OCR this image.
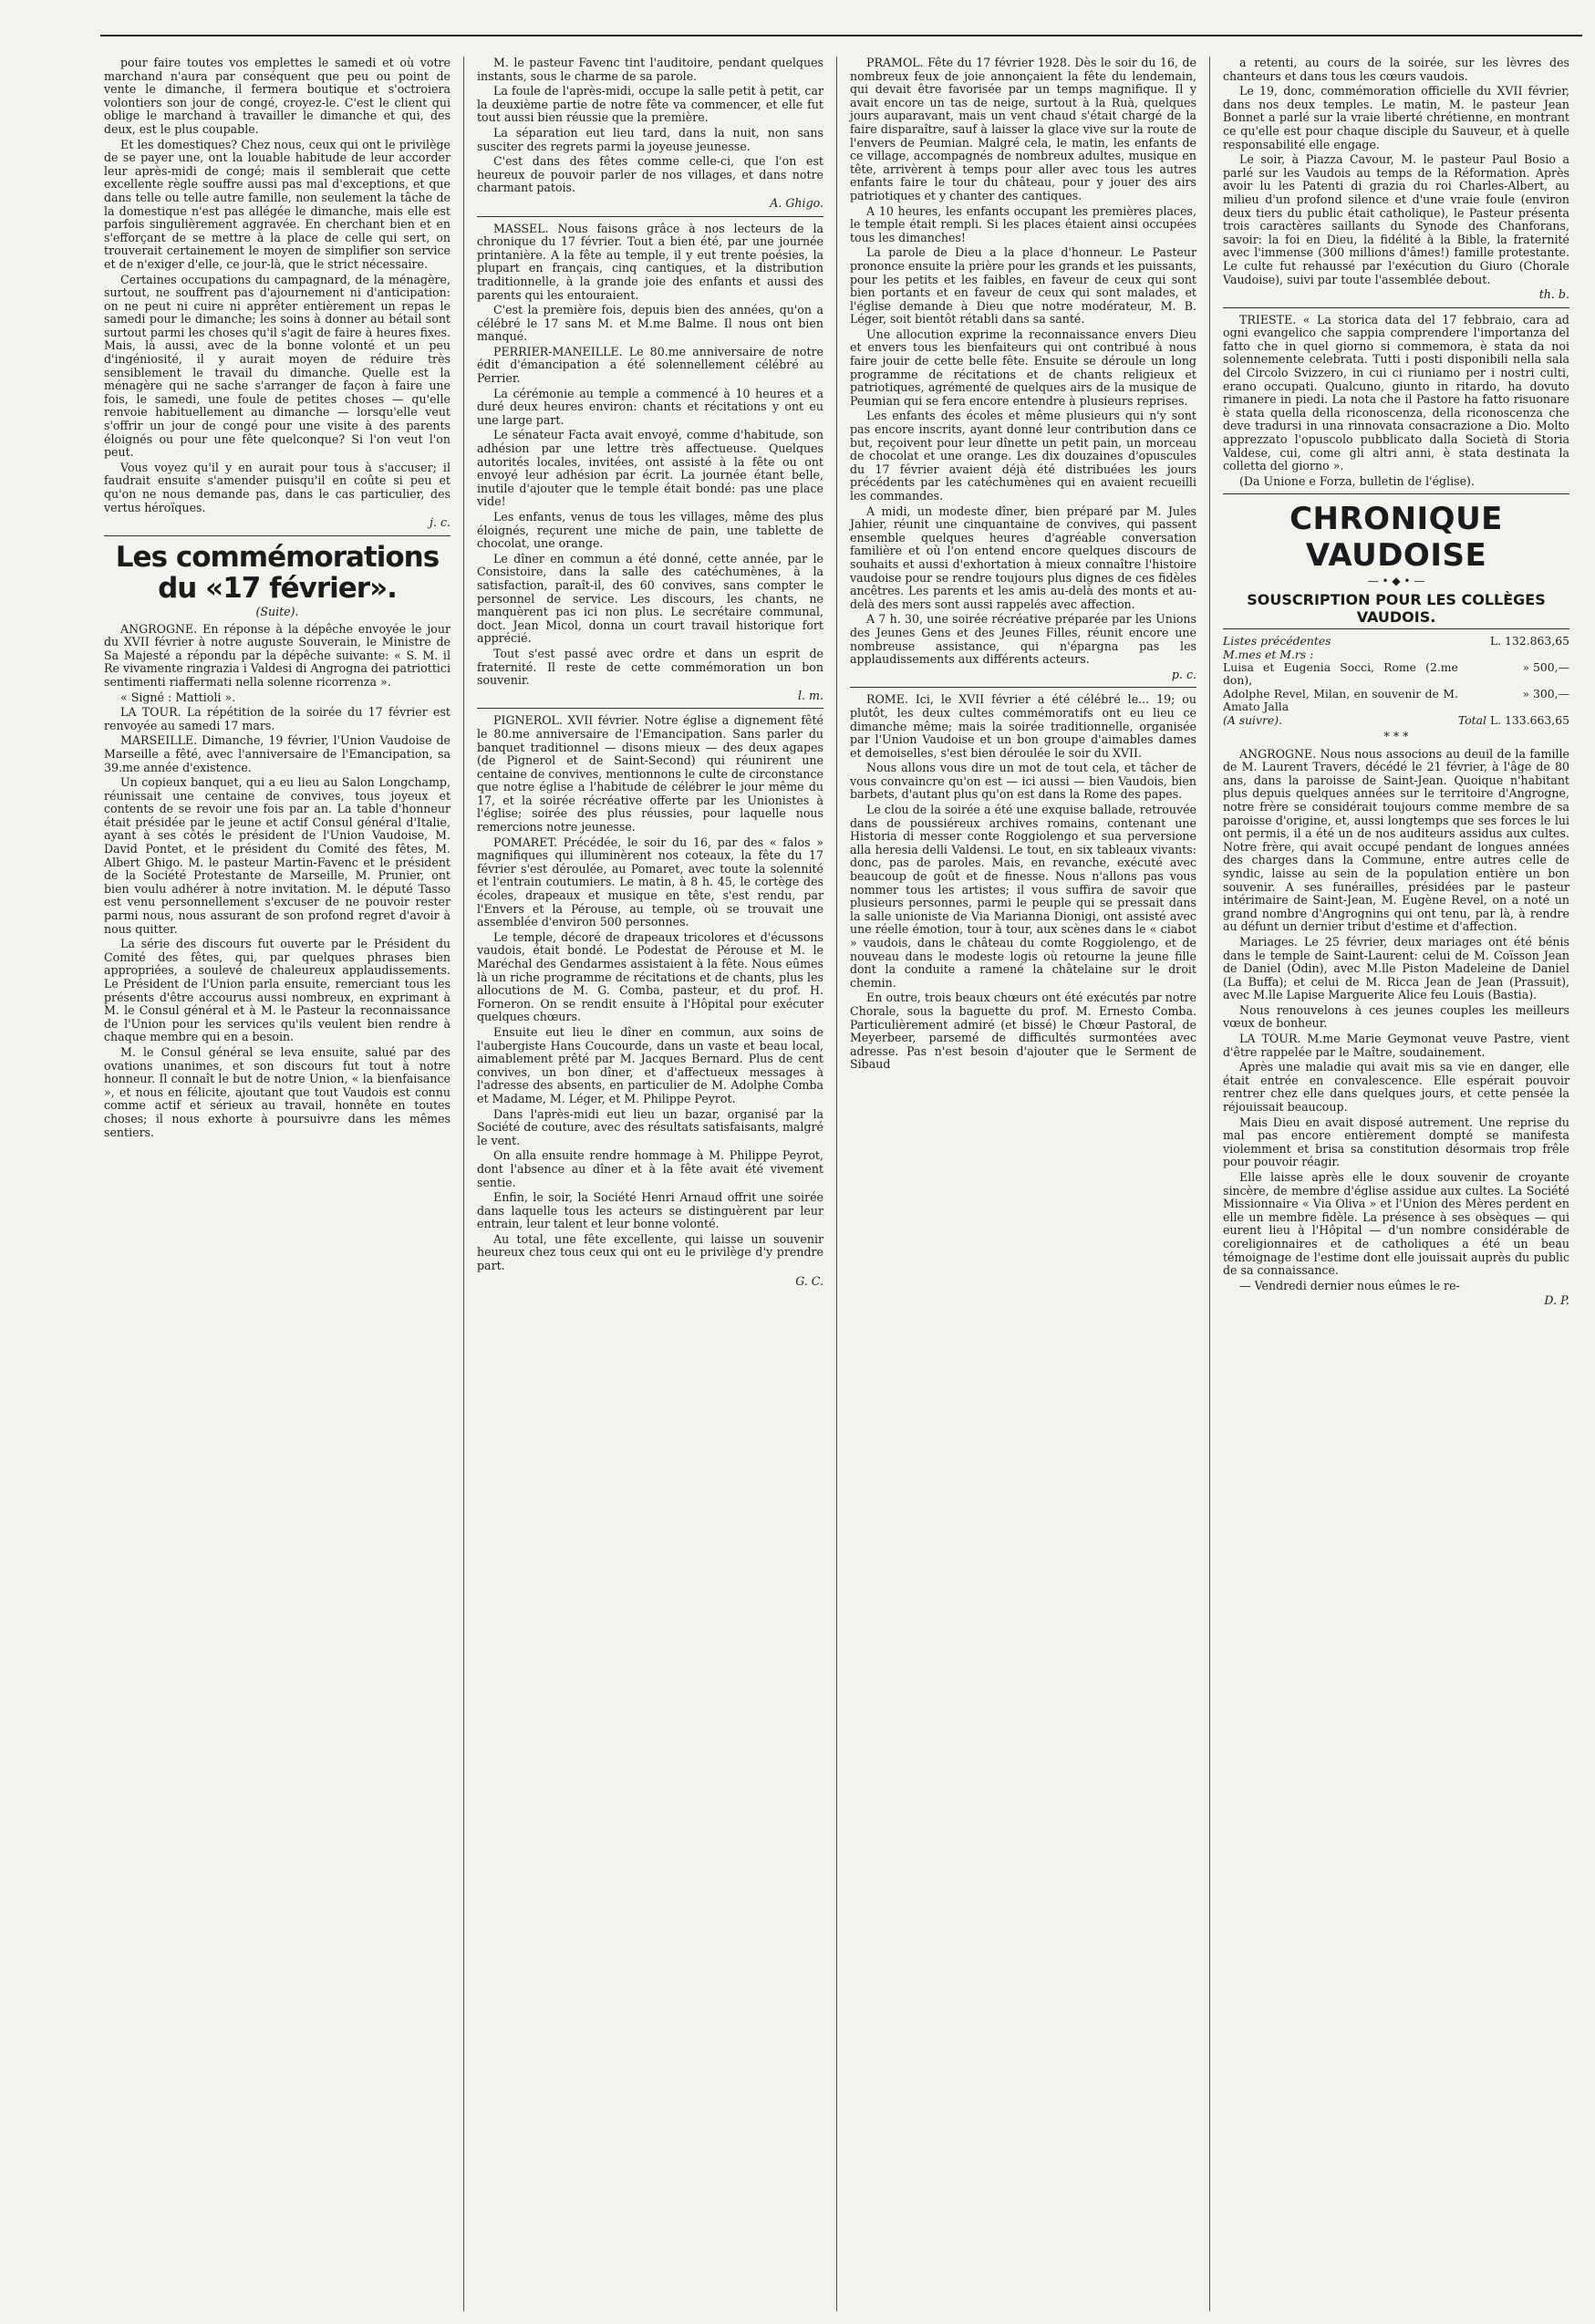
pour faire toutes vos emplettes le samedi et où votre marchand n'aura par conséquent que peu ou point de vente le dimanche, il fermera boutique et s'octroiera volontiers son jour de congé, croyez-le. C'est le client qui oblige le marchand à travailler le dimanche et qui, des deux, est le plus coupable.

Et les domestiques? Chez nous, ceux qui ont le privilège de se payer une, ont la louable habitude de leur accorder leur après-midi de congé; mais il semblerait que cette excellente règle souffre aussi pas mal d'exceptions, et que dans telle ou telle autre famille, non seulement la tâche de la domestique n'est pas allégée le dimanche, mais elle est parfois singulièrement aggravée. En cherchant bien et en s'efforçant de se mettre à la place de celle qui sert, on trouverait certainement le moyen de simplifier son service et de n'exiger d'elle, ce jour-là, que le strict nécessaire.

Certaines occupations du campagnard, de la ménagère, surtout, ne souffrent pas d'ajournement ni d'anticipation: on ne peut ni cuire ni apprêter entièrement un repas le samedi pour le dimanche; les soins à donner au bétail sont surtout parmi les choses qu'il s'agit de faire à heures fixes. Mais, là aussi, avec de la bonne volonté et un peu d'ingéniosité, il y aurait moyen de réduire très sensiblement le travail du dimanche. Quelle est la ménagère qui ne sache s'arranger de façon à faire une fois, le samedi, une foule de petites choses — qu'elle renvoie habituellement au dimanche — lorsqu'elle veut s'offrir un jour de congé pour une visite à des parents éloignés ou pour une fête quelconque? Si l'on veut l'on peut.

Vous voyez qu'il y en aurait pour tous à s'accuser; il faudrait ensuite s'amender puisqu'il en coûte si peu et qu'on ne nous demande pas, dans le cas particulier, des vertus héroïques.

j. c.
Les commémorations du «17 février».
(Suite).

ANGROGNE. En réponse à la dépêche envoyée le jour du XVII février à notre auguste Souverain, le Ministre de Sa Majesté a répondu par la dépêche suivante: « S. M. il Re vivamente ringrazia i Valdesi di Angrogna dei patriottici sentimenti riaffermati nella solenne ricorrenza ».

« Signé : Mattioli ».

LA TOUR. La répétition de la soirée du 17 février est renvoyée au samedi 17 mars.

MARSEILLE. Dimanche, 19 février, l'Union Vaudoise de Marseille a fêté, avec l'anniversaire de l'Emancipation, sa 39.me année d'existence.

Un copieux banquet, qui a eu lieu au Salon Longchamp, réunissait une centaine de convives, tous joyeux et contents de se revoir une fois par an. La table d'honneur était présidée par le jeune et actif Consul général d'Italie, ayant à ses côtés le président de l'Union Vaudoise, M. David Pontet, et le président du Comité des fêtes, M. Albert Ghigo. M. le pasteur Martin-Favenc et le président de la Société Protestante de Marseille, M. Prunier, ont bien voulu adhérer à notre invitation. M. le député Tasso est venu personnellement s'excuser de ne pouvoir rester parmi nous, nous assurant de son profond regret d'avoir à nous quitter.

La série des discours fut ouverte par le Président du Comité des fêtes, qui, par quelques phrases bien appropriées, a soulevé de chaleureux applaudissements. Le Président de l'Union parla ensuite, remerciant tous les présents d'être accourus aussi nombreux, en exprimant à M. le Consul général et à M. le Pasteur la reconnaissance de l'Union pour les services qu'ils veulent bien rendre à chaque membre qui en a besoin.

M. le Consul général se leva ensuite, salué par des ovations unanimes, et son discours fut tout à notre honneur. Il connaît le but de notre Union, « la bienfaisance », et nous en félicite, ajoutant que tout Vaudois est connu comme actif et sérieux au travail, honnête en toutes choses; il nous exhorte à poursuivre dans les mêmes sentiers.

M. le pasteur Favenc tint l'auditoire, pendant quelques instants, sous le charme de sa parole.

La foule de l'après-midi, occupe la salle petit à petit, car la deuxième partie de notre fête va commencer, et elle fut tout aussi bien réussie que la première.

La séparation eut lieu tard, dans la nuit, non sans susciter des regrets parmi la joyeuse jeunesse.

C'est dans des fêtes comme celle-ci, que l'on est heureux de pouvoir parler de nos villages, et dans notre charmant patois.

A. Ghigo.

MASSEL. Nous faisons grâce à nos lecteurs de la chronique du 17 février. Tout a bien été, par une journée printanière. A la fête au temple, il y eut trente poésies, la plupart en français, cinq cantiques, et la distribution traditionnelle, à la grande joie des enfants et aussi des parents qui les entouraient.

C'est la première fois, depuis bien des années, qu'on a célébré le 17 sans M. et M.me Balme. Il nous ont bien manqué.

PERRIER-MANEILLE. Le 80.me anniversaire de notre édit d'émancipation a été solennellement célébré au Perrier.

La cérémonie au temple a commencé à 10 heures et a duré deux heures environ: chants et récitations y ont eu une large part.

Le sénateur Facta avait envoyé, comme d'habitude, son adhésion par une lettre très affectueuse. Quelques autorités locales, invitées, ont assisté à la fête ou ont envoyé leur adhésion par écrit. La journée étant belle, inutile d'ajouter que le temple était bondé: pas une place vide!

Les enfants, venus de tous les villages, même des plus éloignés, reçurent une miche de pain, une tablette de chocolat, une orange.

Le dîner en commun a été donné, cette année, par le Consistoire, dans la salle des catéchumènes, à la satisfaction, paraît-il, des 60 convives, sans compter le personnel de service. Les discours, les chants, ne manquèrent pas ici non plus. Le secrétaire communal, doct. Jean Micol, donna un court travail historique fort apprécié.

Tout s'est passé avec ordre et dans un esprit de fraternité. Il reste de cette commémoration un bon souvenir.

l. m.

PIGNEROL. XVII février. Notre église a dignement fêté le 80.me anniversaire de l'Emancipation. Sans parler du banquet traditionnel — disons mieux — des deux agapes (de Pignerol et de Saint-Second) qui réunirent une centaine de convives, mentionnons le culte de circonstance que notre église a l'habitude de célébrer le jour même du 17, et la soirée récréative offerte par les Unionistes à l'église; soirée des plus réussies, pour laquelle nous remercions notre jeunesse.

POMARET. Précédée, le soir du 16, par des « falos » magnifiques qui illuminèrent nos coteaux, la fête du 17 février s'est déroulée, au Pomaret, avec toute la solennité et l'entrain coutumiers. Le matin, à 8 h. 45, le cortège des écoles, drapeaux et musique en tête, s'est rendu, par l'Envers et la Pérouse, au temple, où se trouvait une assemblée d'environ 500 personnes.

Le temple, décoré de drapeaux tricolores et d'écussons vaudois, était bondé. Le Podestat de Pérouse et M. le Maréchal des Gendarmes assistaient à la fête. Nous eûmes là un riche programme de récitations et de chants, plus les allocutions de M. G. Comba, pasteur, et du prof. H. Forneron. On se rendit ensuite à l'Hôpital pour exécuter quelques chœurs.

Ensuite eut lieu le dîner en commun, aux soins de l'aubergiste Hans Coucourde, dans un vaste et beau local, aimablement prêté par M. Jacques Bernard. Plus de cent convives, un bon dîner, et d'affectueux messages à l'adresse des absents, en particulier de M. Adolphe Comba et Madame, M. Léger, et M. Philippe Peyrot.

Dans l'après-midi eut lieu un bazar, organisé par la Société de couture, avec des résultats satisfaisants, malgré le vent.

On alla ensuite rendre hommage à M. Philippe Peyrot, dont l'absence au dîner et à la fête avait été vivement sentie.

Enfin, le soir, la Société Henri Arnaud offrit une soirée dans laquelle tous les acteurs se distinguèrent par leur entrain, leur talent et leur bonne volonté.

Au total, une fête excellente, qui laisse un souvenir heureux chez tous ceux qui ont eu le privilège d'y prendre part.

G. C.

PRAMOL. Fête du 17 février 1928. Dès le soir du 16, de nombreux feux de joie annonçaient la fête du lendemain, qui devait être favorisée par un temps magnifique. Il y avait encore un tas de neige, surtout à la Ruà, quelques jours auparavant, mais un vent chaud s'était chargé de la faire disparaître, sauf à laisser la glace vive sur la route de l'envers de Peumian. Malgré cela, le matin, les enfants de ce village, accompagnés de nombreux adultes, musique en tête, arrivèrent à temps pour aller avec tous les autres enfants faire le tour du château, pour y jouer des airs patriotiques et y chanter des cantiques.

A 10 heures, les enfants occupant les premières places, le temple était rempli. Si les places étaient ainsi occupées tous les dimanches!

La parole de Dieu a la place d'honneur. Le Pasteur prononce ensuite la prière pour les grands et les puissants, pour les petits et les faibles, en faveur de ceux qui sont bien portants et en faveur de ceux qui sont malades, et l'église demande à Dieu que notre modérateur, M. B. Léger, soit bientôt rétabli dans sa santé.

Une allocution exprime la reconnaissance envers Dieu et envers tous les bienfaiteurs qui ont contribué à nous faire jouir de cette belle fête. Ensuite se déroule un long programme de récitations et de chants religieux et patriotiques, agrémenté de quelques airs de la musique de Peumian qui se fera encore entendre à plusieurs reprises.

Les enfants des écoles et même plusieurs qui n'y sont pas encore inscrits, ayant donné leur contribution dans ce but, reçoivent pour leur dînette un petit pain, un morceau de chocolat et une orange. Les dix douzaines d'opuscules du 17 février avaient déjà été distribuées les jours précédents par les catéchumènes qui en avaient recueilli les commandes.

A midi, un modeste dîner, bien préparé par M. Jules Jahier, réunit une cinquantaine de convives, qui passent ensemble quelques heures d'agréable conversation familière et où l'on entend encore quelques discours de souhaits et aussi d'exhortation à mieux connaître l'histoire vaudoise pour se rendre toujours plus dignes de ces fidèles ancêtres. Les parents et les amis au-delà des monts et au-delà des mers sont aussi rappelés avec affection.

A 7 h. 30, une soirée récréative préparée par les Unions des Jeunes Gens et des Jeunes Filles, réunit encore une nombreuse assistance, qui n'épargna pas les applaudissements aux différents acteurs.

p. c.

ROME. Ici, le XVII février a été célébré le... 19; ou plutôt, les deux cultes commémoratifs ont eu lieu ce dimanche même; mais la soirée traditionnelle, organisée par l'Union Vaudoise et un bon groupe d'aimables dames et demoiselles, s'est bien déroulée le soir du XVII.

Nous allons vous dire un mot de tout cela, et tâcher de vous convaincre qu'on est — ici aussi — bien Vaudois, bien barbets, d'autant plus qu'on est dans la Rome des papes.

Le clou de la soirée a été une exquise ballade, retrouvée dans de poussiéreux archives romains, contenant une Historia di messer conte Roggiolengo et sua perversione alla heresia delli Valdensi. Le tout, en six tableaux vivants: donc, pas de paroles. Mais, en revanche, exécuté avec beaucoup de goût et de finesse. Nous n'allons pas vous nommer tous les artistes; il vous suffira de savoir que plusieurs personnes, parmi le peuple qui se pressait dans la salle unioniste de Via Marianna Dionigi, ont assisté avec une réelle émotion, tour à tour, aux scènes dans le « ciabot » vaudois, dans le château du comte Roggiolengo, et de nouveau dans le modeste logis où retourne la jeune fille dont la conduite a ramené la châtelaine sur le droit chemin.

En outre, trois beaux chœurs ont été exécutés par notre Chorale, sous la baguette du prof. M. Ernesto Comba. Particulièrement admiré (et bissé) le Chœur Pastoral, de Meyerbeer, parsemé de difficultés surmontées avec adresse. Pas n'est besoin d'ajouter que le Serment de Sibaud

a retenti, au cours de la soirée, sur les lèvres des chanteurs et dans tous les cœurs vaudois.

Le 19, donc, commémoration officielle du XVII février, dans nos deux temples. Le matin, M. le pasteur Jean Bonnet a parlé sur la vraie liberté chrétienne, en montrant ce qu'elle est pour chaque disciple du Sauveur, et à quelle responsabilité elle engage.

Le soir, à Piazza Cavour, M. le pasteur Paul Bosio a parlé sur les Vaudois au temps de la Réformation. Après avoir lu les Patenti di grazia du roi Charles-Albert, au milieu d'un profond silence et d'une vraie foule (environ deux tiers du public était catholique), le Pasteur présenta trois caractères saillants du Synode des Chanforans, savoir: la foi en Dieu, la fidélité à la Bible, la fraternité avec l'immense (300 millions d'âmes!) famille protestante. Le culte fut rehaussé par l'exécution du Giuro (Chorale Vaudoise), suivi par toute l'assemblée debout.

th. b.

TRIESTE. « La storica data del 17 febbraio, cara ad ogni evangelico che sappia comprendere l'importanza del fatto che in quel giorno si commemora, è stata da noi solennemente celebrata. Tutti i posti disponibili nella sala del Circolo Svizzero, in cui ci riuniamo per i nostri culti, erano occupati. Qualcuno, giunto in ritardo, ha dovuto rimanere in piedi. La nota che il Pastore ha fatto risuonare è stata quella della riconoscenza, della riconoscenza che deve tradursi in una rinnovata consacrazione a Dio. Molto apprezzato l'opuscolo pubblicato dalla Società di Storia Valdese, cui, come gli altri anni, è stata destinata la colletta del giorno ».

(Da Unione e Forza, bulletin de l'église).

CHRONIQUE VAUDOISE
— • ◆ • —
SOUSCRIPTION POUR LES COLLÈGES VAUDOIS.
Listes précédentes	L. 132.863,65
M.mes et M.rs :	
Luisa et Eugenia Socci, Rome (2.me don),	» 500,—
Adolphe Revel, Milan, en souvenir de M. Amato Jalla	» 300,—
(A suivre).	Total L. 133.663,65
* * *

ANGROGNE. Nous nous associons au deuil de la famille de M. Laurent Travers, décédé le 21 février, à l'âge de 80 ans, dans la paroisse de Saint-Jean. Quoique n'habitant plus depuis quelques années sur le territoire d'Angrogne, notre frère se considérait toujours comme membre de sa paroisse d'origine, et, aussi longtemps que ses forces le lui ont permis, il a été un de nos auditeurs assidus aux cultes. Notre frère, qui avait occupé pendant de longues années des charges dans la Commune, entre autres celle de syndic, laisse au sein de la population entière un bon souvenir. A ses funérailles, présidées par le pasteur intérimaire de Saint-Jean, M. Eugène Revel, on a noté un grand nombre d'Angrognins qui ont tenu, par là, à rendre au défunt un dernier tribut d'estime et d'affection.

Mariages. Le 25 février, deux mariages ont été bénis dans le temple de Saint-Laurent: celui de M. Coïsson Jean de Daniel (Odin), avec M.lle Piston Madeleine de Daniel (La Buffa); et celui de M. Ricca Jean de Jean (Prassuit), avec M.lle Lapise Marguerite Alice feu Louis (Bastia).

Nous renouvelons à ces jeunes couples les meilleurs vœux de bonheur.

LA TOUR. M.me Marie Geymonat veuve Pastre, vient d'être rappelée par le Maître, soudainement.

Après une maladie qui avait mis sa vie en danger, elle était entrée en convalescence. Elle espérait pouvoir rentrer chez elle dans quelques jours, et cette pensée la réjouissait beaucoup.

Mais Dieu en avait disposé autrement. Une reprise du mal pas encore entièrement dompté se manifesta violemment et brisa sa constitution désormais trop frêle pour pouvoir réagir.

Elle laisse après elle le doux souvenir de croyante sincère, de membre d'église assidue aux cultes. La Société Missionnaire « Via Oliva » et l'Union des Mères perdent en elle un membre fidèle. La présence à ses obsèques — qui eurent lieu à l'Hôpital — d'un nombre considérable de coreligionnaires et de catholiques a été un beau témoignage de l'estime dont elle jouissait auprès du public de sa connaissance.

— Vendredi dernier nous eûmes le re-

D. P.
